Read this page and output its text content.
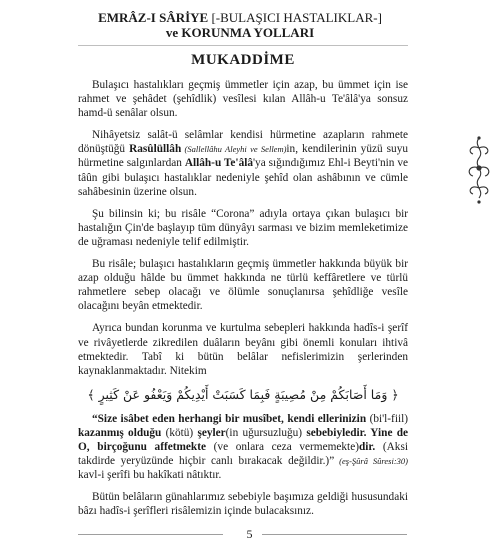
EMRÂZ-I SÂRİYE [-BULAŞICI HASTALIKLAR-]
ve KORUNMA YOLLARI
MUKADDİME

Bulaşıcı hastalıkları geçmiş ümmetler için azap, bu ümmet için ise rahmet ve şehâdet (şehîdlik) vesîlesi kılan Allâh-u Te'âlâ'ya sonsuz hamd-ü senâlar olsun.

Nihâyetsiz salât-ü selâmlar kendisi hürmetine azapların rahmete dönüştüğü Rasûlüllâh (Sallellâhu Aleyhi ve Sellem)in, kendilerinin yüzü suyu hürmetine salgınlardan Allâh-u Te'âlâ'ya sığındığımız Ehl-i Beyti'nin ve tâûn gibi bulaşıcı hastalıklar nedeniyle şehîd olan ashâbının ve cümle sahâbesinin üzerine olsun.

Şu bilinsin ki; bu risâle “Corona” adıyla ortaya çıkan bulaşıcı bir hastalığın Çin'de başlayıp tüm dünyâyı sarması ve bizim memleketimize de uğraması nedeniyle telif edilmiştir.

Bu risâle; bulaşıcı hastalıkların geçmiş ümmetler hakkında büyük bir azap olduğu hâlde bu ümmet hakkında ne türlü keffâretlere ve türlü rahmetlere sebep olacağı ve ölümle sonuçlanırsa şehîdliğe vesîle olacağını beyân etmektedir.

Ayrıca bundan korunma ve kurtulma sebepleri hakkında hadîs-i şerîf ve rivâyetlerde zikredilen duâların beyânı gibi önemli konuları ihtivâ etmektedir. Tabî ki bütün belâlar nefislerimizin şerlerinden kaynaklanmaktadır. Nitekim

﴿ وَمَا أَصَابَكُمْ مِنْ مُصِيبَةٍ فَبِمَا كَسَبَتْ أَيْدِيكُمْ وَيَعْفُو عَنْ كَثِيرٍ ﴾

“Size isâbet eden herhangi bir musîbet, kendi ellerinizin (bi'l-fiil) kazanmış olduğu (kötü) şeyler(in uğursuzluğu) sebebiyledir. Yine de O, birçoğunu affetmekte (ve onlara ceza vermemekte)dir. (Aksi takdirde yeryüzünde hiçbir canlı bırakacak değildir.)” (eş-Şûrâ Sûresi:30) kavl-i şerîfi bu hakîkati nâtıktır.

Bütün belâların günahlarımız sebebiyle başımıza geldiği hususundaki bâzı hadîs-i şerîfleri risâlemizin içinde bulacaksınız.

5
